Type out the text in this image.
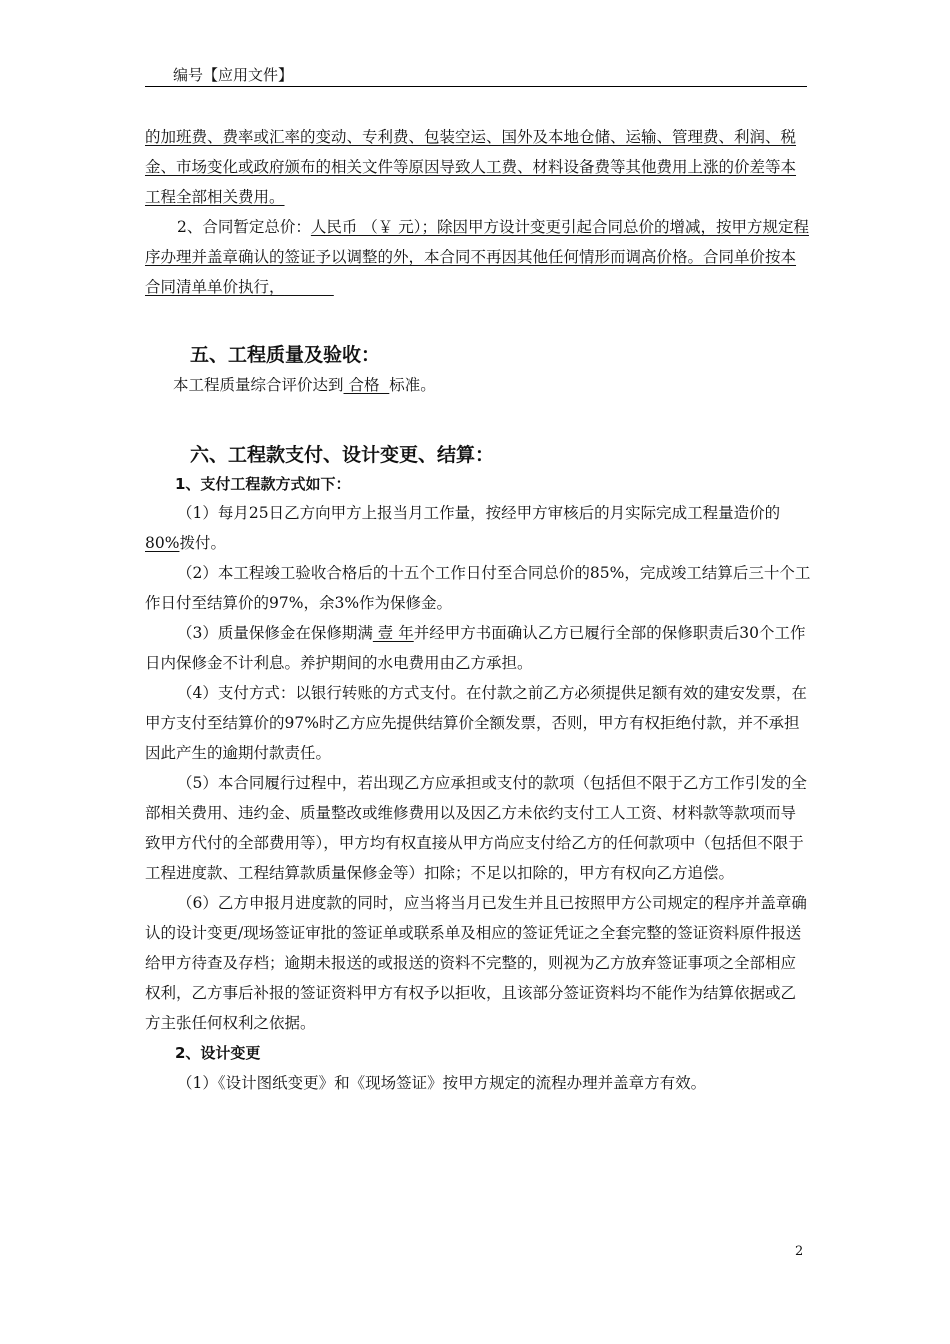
编号【应用文件】

的加班费、费率或汇率的变动、专利费、包装空运、国外及本地仓储、运输、管理费、利润、税金、市场变化或政府颁布的相关文件等原因导致人工费、材料设备费等其他费用上涨的价差等本工程全部相关费用。

2、合同暂定总价：人民币 （￥ 元）；除因甲方设计变更引起合同总价的增减，按甲方规定程序办理并盖章确认的签证予以调整的外，本合同不再因其他任何情形而调高价格。合同单价按本合同清单单价执行，

五、工程质量及验收：

本工程质量综合评价达到 合格  标准。

六、工程款支付、设计变更、结算：

1、支付工程款方式如下：

（1）每月25日乙方向甲方上报当月工作量，按经甲方审核后的月实际完成工程量造价的80%拨付。

（2）本工程竣工验收合格后的十五个工作日付至合同总价的85%，完成竣工结算后三十个工作日付至结算价的97%，余3%作为保修金。

（3）质量保修金在保修期满 壹 年并经甲方书面确认乙方已履行全部的保修职责后30个工作日内保修金不计利息。养护期间的水电费用由乙方承担。

（4）支付方式：以银行转账的方式支付。在付款之前乙方必须提供足额有效的建安发票，在甲方支付至结算价的97%时乙方应先提供结算价全额发票，否则，甲方有权拒绝付款，并不承担因此产生的逾期付款责任。

（5）本合同履行过程中，若出现乙方应承担或支付的款项（包括但不限于乙方工作引发的全部相关费用、违约金、质量整改或维修费用以及因乙方未依约支付工人工资、材料款等款项而导致甲方代付的全部费用等），甲方均有权直接从甲方尚应支付给乙方的任何款项中（包括但不限于工程进度款、工程结算款质量保修金等）扣除；不足以扣除的，甲方有权向乙方追偿。

（6）乙方申报月进度款的同时，应当将当月已发生并且已按照甲方公司规定的程序并盖章确认的设计变更/现场签证审批的签证单或联系单及相应的签证凭证之全套完整的签证资料原件报送给甲方待查及存档；逾期未报送的或报送的资料不完整的，则视为乙方放弃签证事项之全部相应权利，乙方事后补报的签证资料甲方有权予以拒收，且该部分签证资料均不能作为结算依据或乙方主张任何权利之依据。

2、设计变更

（1）《设计图纸变更》和《现场签证》按甲方规定的流程办理并盖章方有效。

2
